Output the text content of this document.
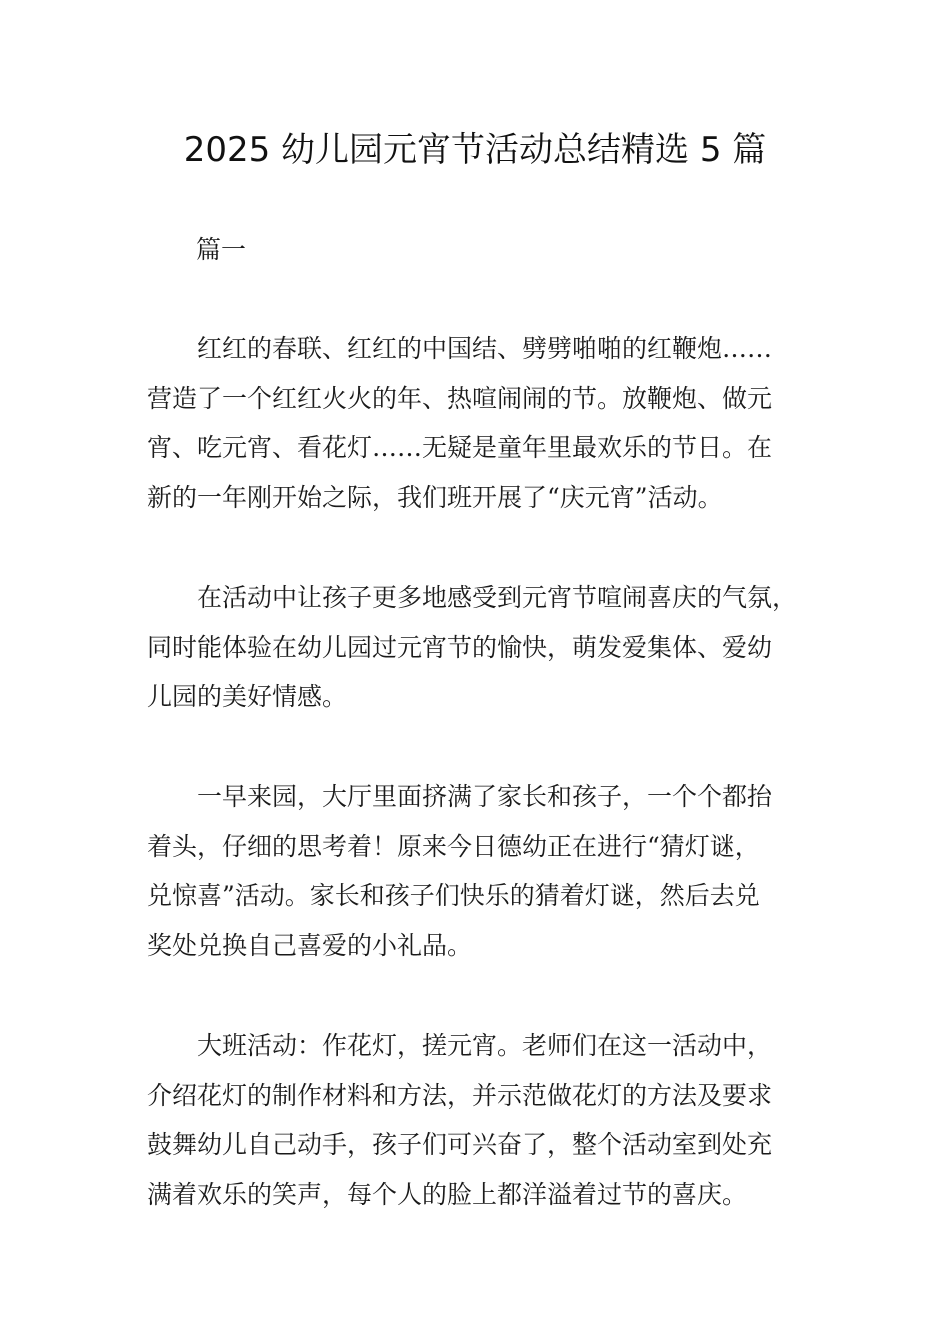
2025 幼儿园元宵节活动总结精选 5 篇
篇一

红红的春联、红红的中国结、劈劈啪啪的红鞭炮……
营造了一个红红火火的年、热喧闹闹的节。放鞭炮、做元
宵、吃元宵、看花灯……无疑是童年里最欢乐的节日。在
新的一年刚开始之际，我们班开展了“庆元宵”活动。

在活动中让孩子更多地感受到元宵节喧闹喜庆的气氛，
同时能体验在幼儿园过元宵节的愉快，萌发爱集体、爱幼
儿园的美好情感。

一早来园，大厅里面挤满了家长和孩子，一个个都抬
着头，仔细的思考着！原来今日德幼正在进行“猜灯谜，
兑惊喜”活动。家长和孩子们快乐的猜着灯谜，然后去兑
奖处兑换自己喜爱的小礼品。

大班活动：作花灯，搓元宵。老师们在这一活动中，
介绍花灯的制作材料和方法，并示范做花灯的方法及要求
鼓舞幼儿自己动手，孩子们可兴奋了，整个活动室到处充
满着欢乐的笑声，每个人的脸上都洋溢着过节的喜庆。
